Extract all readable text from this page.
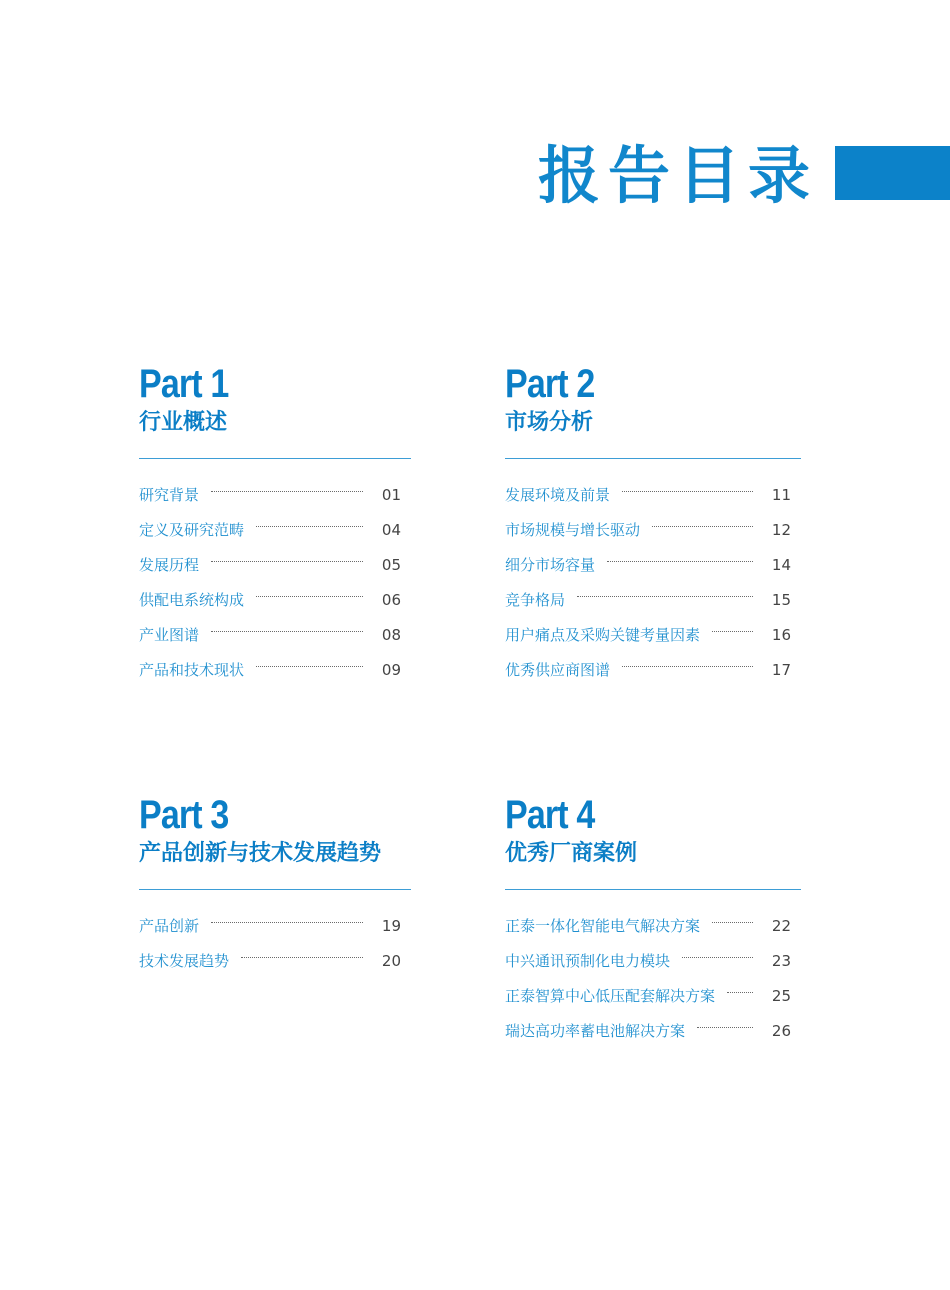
报告目录
Part 1
行业概述
研究背景	01
定义及研究范畴	04
发展历程	05
供配电系统构成	06
产业图谱	08
产品和技术现状	09
Part 2
市场分析
发展环境及前景	11
市场规模与增长驱动	12
细分市场容量	14
竞争格局	15
用户痛点及采购关键考量因素	16
优秀供应商图谱	17
Part 3
产品创新与技术发展趋势
产品创新	19
技术发展趋势	20
Part 4
优秀厂商案例
正泰一体化智能电气解决方案	22
中兴通讯预制化电力模块	23
正泰智算中心低压配套解决方案	25
瑞达高功率蓄电池解决方案	26
